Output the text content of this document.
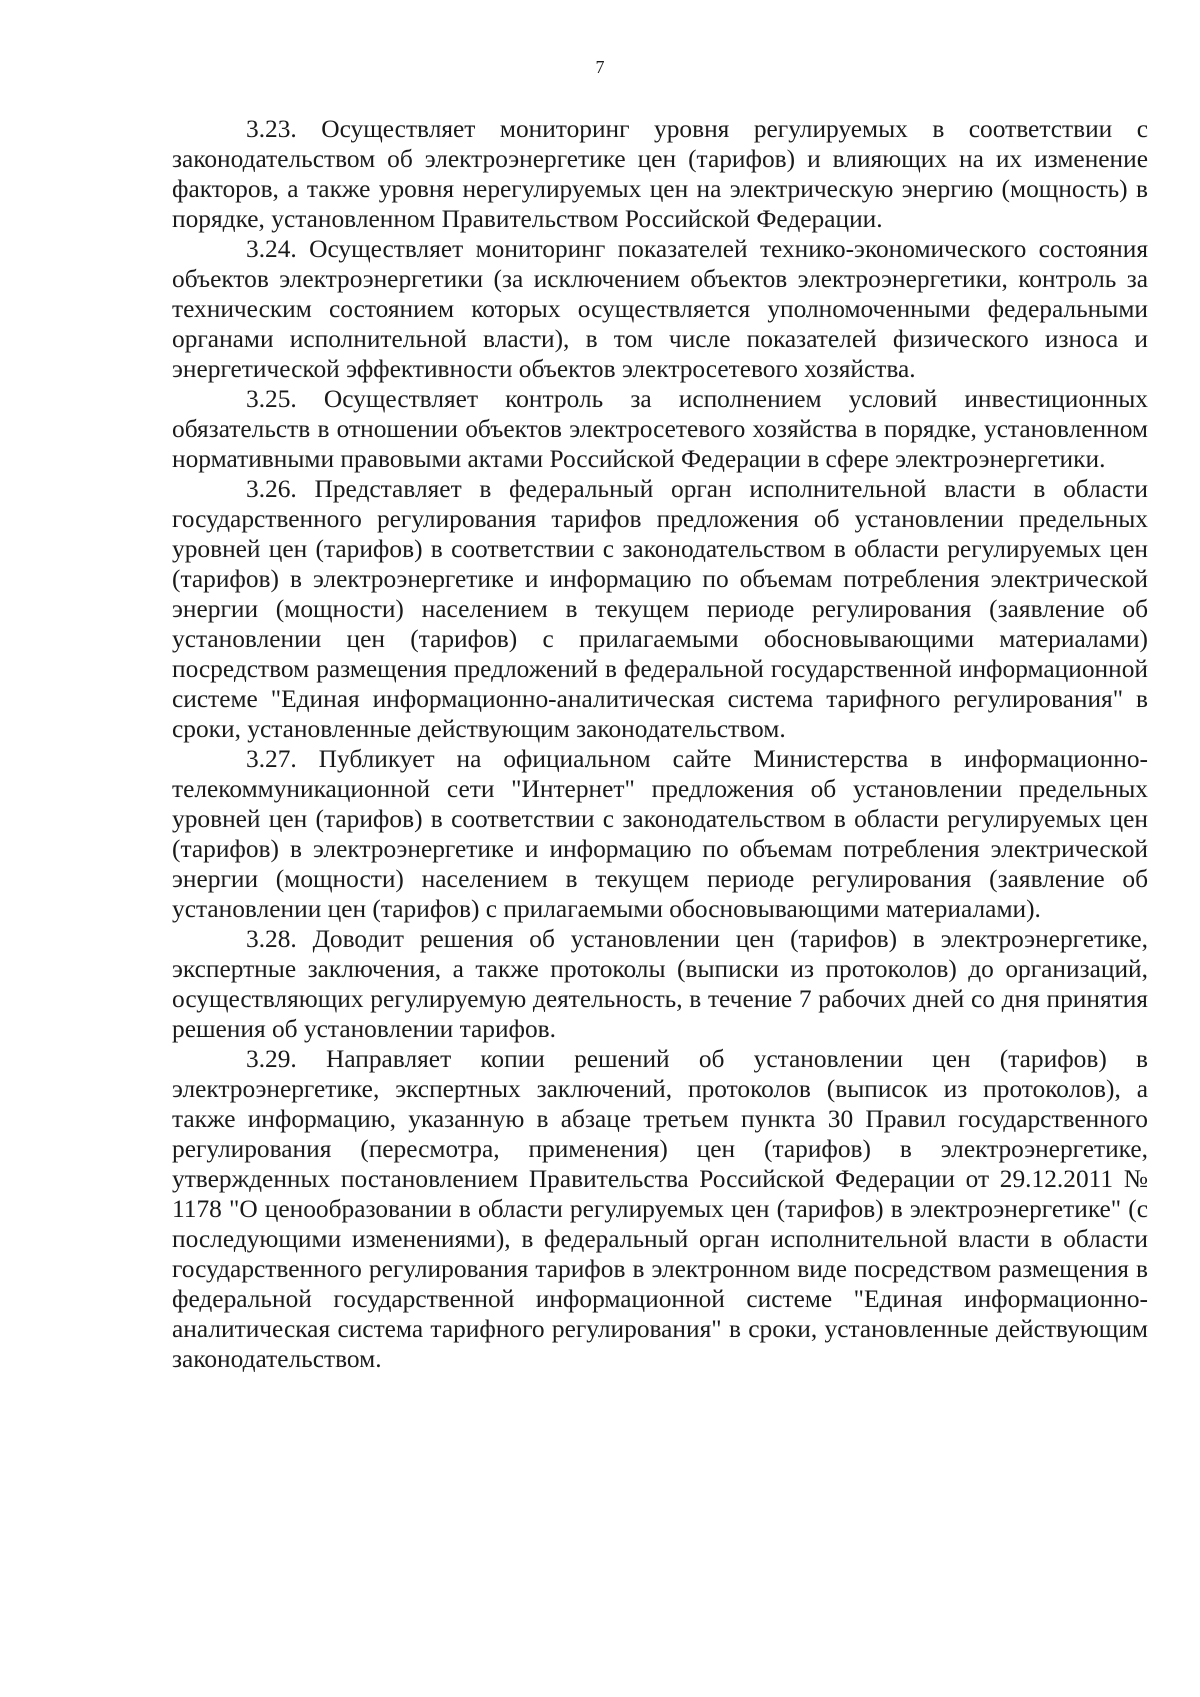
7

3.23. Осуществляет мониторинг уровня регулируемых в соответствии с законодательством об электроэнергетике цен (тарифов) и влияющих на их изменение факторов, а также уровня нерегулируемых цен на электрическую энергию (мощность) в порядке, установленном Правительством Российской Федерации.

3.24. Осуществляет мониторинг показателей технико-экономического состояния объектов электроэнергетики (за исключением объектов электроэнергетики, контроль за техническим состоянием которых осуществляется уполномоченными федеральными органами исполнительной власти), в том числе показателей физического износа и энергетической эффективности объектов электросетевого хозяйства.

3.25. Осуществляет контроль за исполнением условий инвестиционных обязательств в отношении объектов электросетевого хозяйства в порядке, установленном нормативными правовыми актами Российской Федерации в сфере электроэнергетики.

3.26. Представляет в федеральный орган исполнительной власти в области государственного регулирования тарифов предложения об установлении предельных уровней цен (тарифов) в соответствии с законодательством в области регулируемых цен (тарифов) в электроэнергетике и информацию по объемам потребления электрической энергии (мощности) населением в текущем периоде регулирования (заявление об установлении цен (тарифов) с прилагаемыми обосновывающими материалами) посредством размещения предложений в федеральной государственной информационной системе "Единая информационно-аналитическая система тарифного регулирования" в сроки, установленные действующим законодательством.

3.27. Публикует на официальном сайте Министерства в информационно-телекоммуникационной сети "Интернет" предложения об установлении предельных уровней цен (тарифов) в соответствии с законодательством в области регулируемых цен (тарифов) в электроэнергетике и информацию по объемам потребления электрической энергии (мощности) населением в текущем периоде регулирования (заявление об установлении цен (тарифов) с прилагаемыми обосновывающими материалами).

3.28. Доводит решения об установлении цен (тарифов) в электроэнергетике, экспертные заключения, а также протоколы (выписки из протоколов) до организаций, осуществляющих регулируемую деятельность, в течение 7 рабочих дней со дня принятия решения об установлении тарифов.

3.29. Направляет копии решений об установлении цен (тарифов) в электроэнергетике, экспертных заключений, протоколов (выписок из протоколов), а также информацию, указанную в абзаце третьем пункта 30 Правил государственного регулирования (пересмотра, применения) цен (тарифов) в электроэнергетике, утвержденных постановлением Правительства Российской Федерации от 29.12.2011 № 1178 "О ценообразовании в области регулируемых цен (тарифов) в электроэнергетике" (с последующими изменениями), в федеральный орган исполнительной власти в области государственного регулирования тарифов в электронном виде посредством размещения в федеральной государственной информационной системе "Единая информационно-аналитическая система тарифного регулирования" в сроки, установленные действующим законодательством.
